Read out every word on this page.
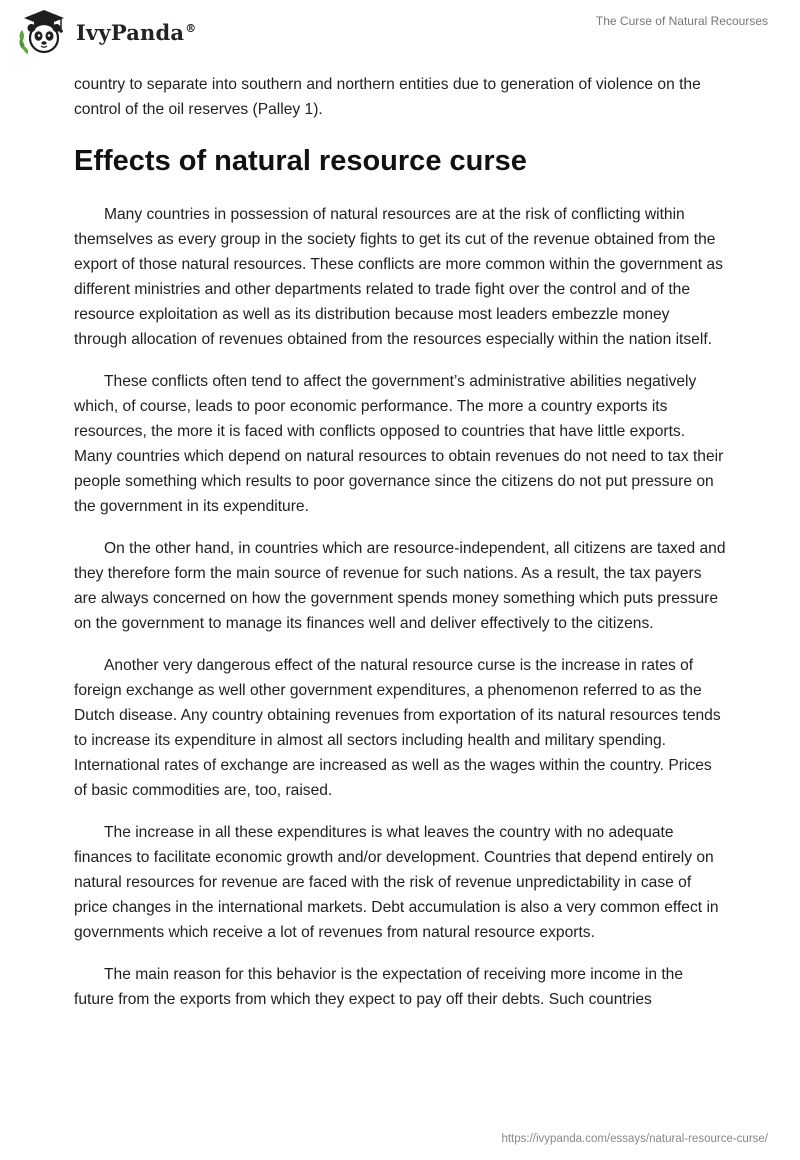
IvyPanda®	The Curse of Natural Recourses

country to separate into southern and northern entities due to generation of violence on the control of the oil reserves (Palley 1).

Effects of natural resource curse

Many countries in possession of natural resources are at the risk of conflicting within themselves as every group in the society fights to get its cut of the revenue obtained from the export of those natural resources. These conflicts are more common within the government as different ministries and other departments related to trade fight over the control and of the resource exploitation as well as its distribution because most leaders embezzle money through allocation of revenues obtained from the resources especially within the nation itself.

These conflicts often tend to affect the government’s administrative abilities negatively which, of course, leads to poor economic performance. The more a country exports its resources, the more it is faced with conflicts opposed to countries that have little exports. Many countries which depend on natural resources to obtain revenues do not need to tax their people something which results to poor governance since the citizens do not put pressure on the government in its expenditure.

On the other hand, in countries which are resource-independent, all citizens are taxed and they therefore form the main source of revenue for such nations. As a result, the tax payers are always concerned on how the government spends money something which puts pressure on the government to manage its finances well and deliver effectively to the citizens.

Another very dangerous effect of the natural resource curse is the increase in rates of foreign exchange as well other government expenditures, a phenomenon referred to as the Dutch disease. Any country obtaining revenues from exportation of its natural resources tends to increase its expenditure in almost all sectors including health and military spending. International rates of exchange are increased as well as the wages within the country. Prices of basic commodities are, too, raised.

The increase in all these expenditures is what leaves the country with no adequate finances to facilitate economic growth and/or development. Countries that depend entirely on natural resources for revenue are faced with the risk of revenue unpredictability in case of price changes in the international markets. Debt accumulation is also a very common effect in governments which receive a lot of revenues from natural resource exports.

The main reason for this behavior is the expectation of receiving more income in the future from the exports from which they expect to pay off their debts. Such countries

https://ivypanda.com/essays/natural-resource-curse/
